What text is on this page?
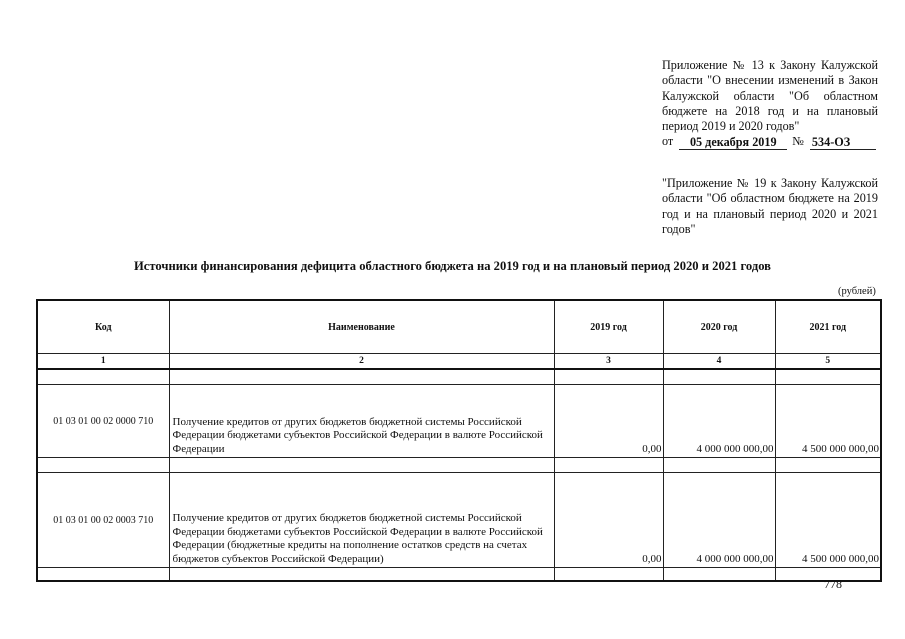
Приложение № 13 к Закону Калужской области "О внесении изменений в Закон Калужской области "Об областном бюджете на 2018 год и на плановый период 2019 и 2020 годов"

от	05 декабря 2019	№ 534-ОЗ

"Приложение № 19 к Закону Калужской области "Об областном бюджете на 2019 год и на плановый период 2020 и 2021 годов"

Источники финансирования дефицита областного бюджета на 2019 год и на плановый период 2020 и 2021 годов
(рублей)
Код	Наименование	2019 год	2020 год	2021 год
1	2	3	4	5

01 03 01 00 02 0000 710	Получение кредитов от других бюджетов бюджетной системы Российской Федерации бюджетами субъектов Российской Федерации в валюте Российской Федерации	0,00	4 000 000 000,00	4 500 000 000,00

01 03 01 00 02 0003 710	Получение кредитов от других бюджетов бюджетной системы Российской Федерации бюджетами субъектов Российской Федерации в валюте Российской Федерации (бюджетные кредиты на пополнение остатков средств на счетах бюджетов субъектов Российской Федерации)	0,00	4 000 000 000,00	4 500 000 000,00

778
